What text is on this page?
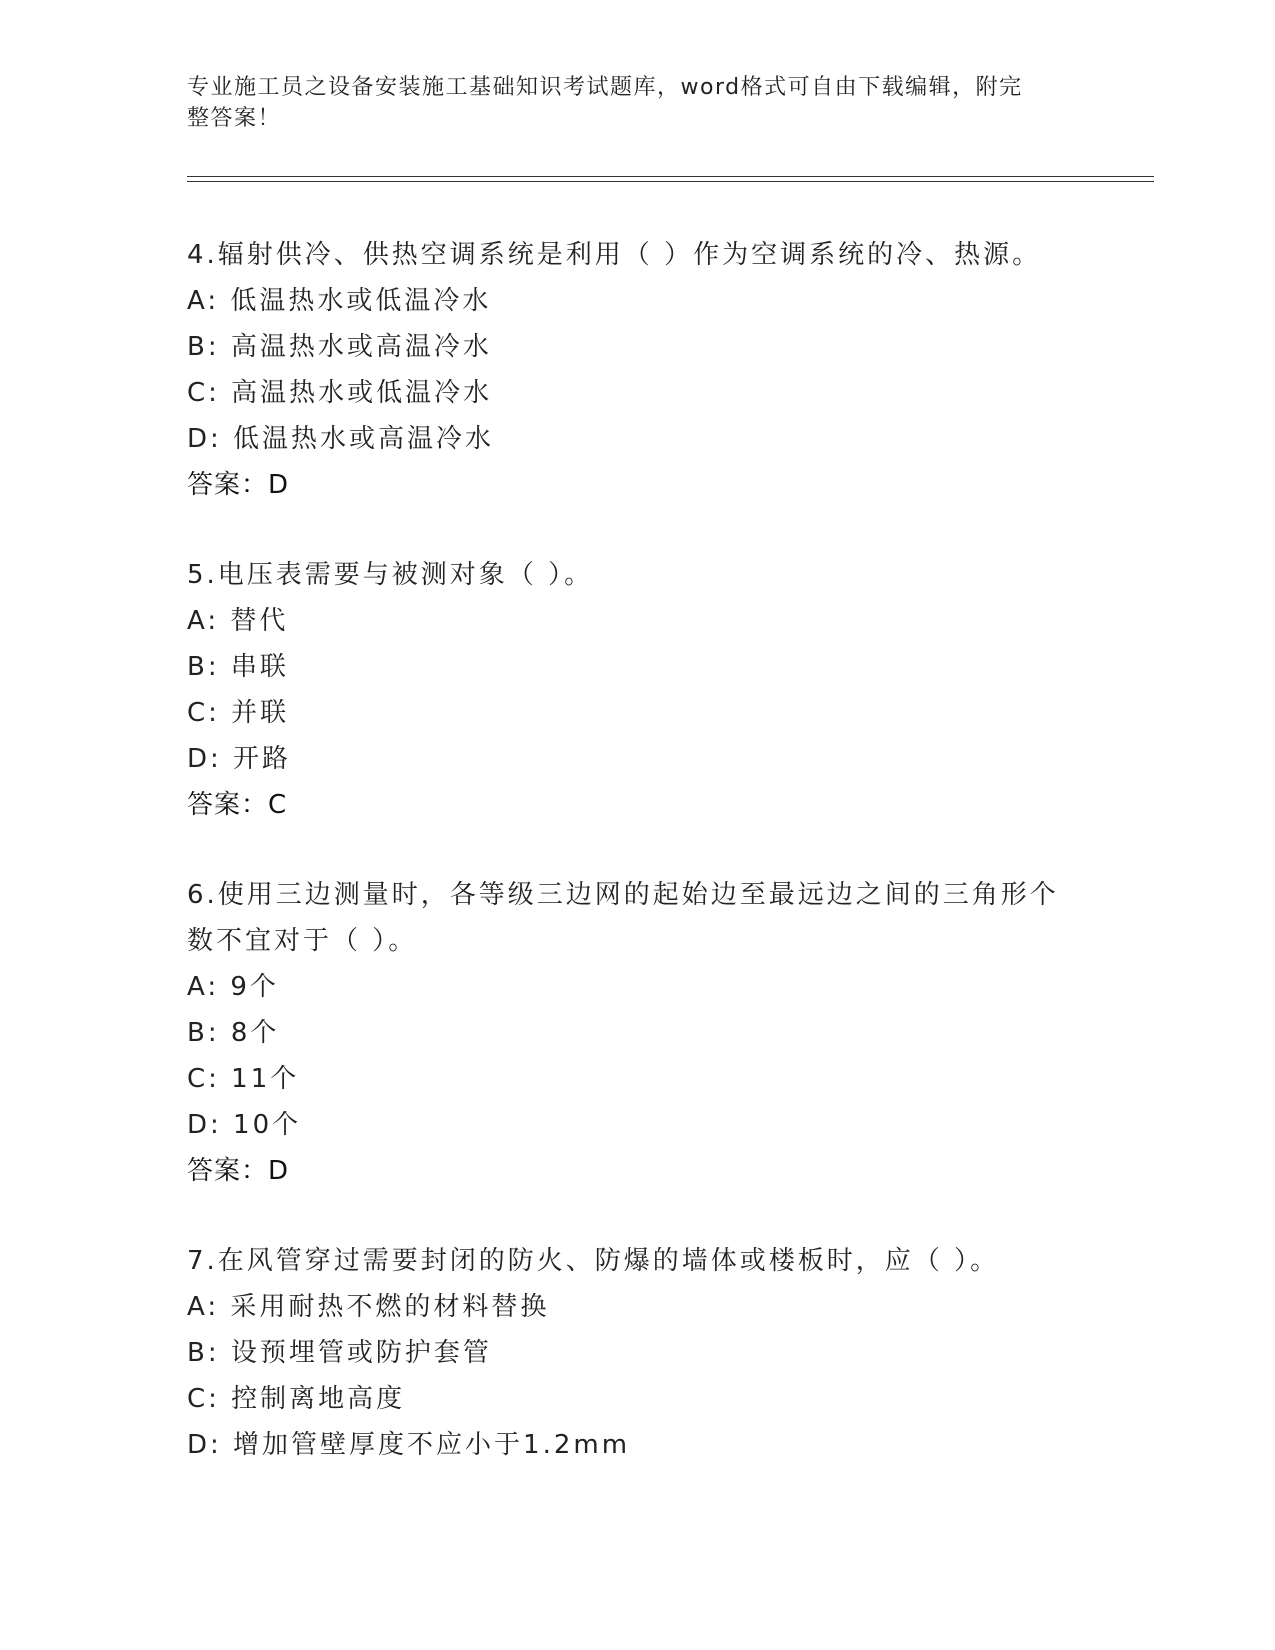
专业施工员之设备安装施工基础知识考试题库，word格式可自由下载编辑，附完
整答案！
4.辐射供冷、供热空调系统是利用（ ）作为空调系统的冷、热源。
A: 低温热水或低温冷水
B: 高温热水或高温冷水
C: 高温热水或低温冷水
D: 低温热水或高温冷水
答案：D
5.电压表需要与被测对象（ ）。
A: 替代
B: 串联
C: 并联
D: 开路
答案：C
6.使用三边测量时，各等级三边网的起始边至最远边之间的三角形个
数不宜对于（ ）。
A: 9个
B: 8个
C: 11个
D: 10个
答案：D
7.在风管穿过需要封闭的防火、防爆的墙体或楼板时，应（ ）。
A: 采用耐热不燃的材料替换
B: 设预埋管或防护套管
C: 控制离地高度
D: 增加管壁厚度不应小于1.2mm
